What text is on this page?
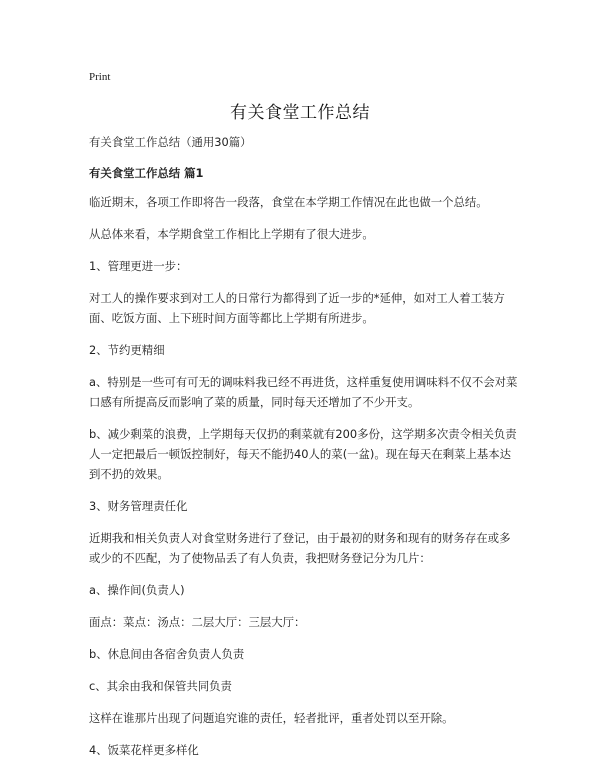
Print
有关食堂工作总结

有关食堂工作总结（通用30篇）

有关食堂工作总结 篇1

临近期末，各项工作即将告一段落，食堂在本学期工作情况在此也做一个总结。

从总体来看，本学期食堂工作相比上学期有了很大进步。

1、管理更进一步：

对工人的操作要求到对工人的日常行为都得到了近一步的*延伸，如对工人着工装方面、吃饭方面、上下班时间方面等都比上学期有所进步。

2、节约更精细

a、特别是一些可有可无的调味料我已经不再进货，这样重复使用调味料不仅不会对菜口感有所提高反而影响了菜的质量，同时每天还增加了不少开支。

b、减少剩菜的浪费，上学期每天仅扔的剩菜就有200多份，这学期多次责令相关负责人一定把最后一顿饭控制好，每天不能扔40人的菜(一盆)。现在每天在剩菜上基本达到不扔的效果。

3、财务管理责任化

近期我和相关负责人对食堂财务进行了登记，由于最初的财务和现有的财务存在或多或少的不匹配，为了使物品丢了有人负责，我把财务登记分为几片：

a、操作间(负责人)

面点：菜点：汤点：二层大厅：三层大厅：

b、休息间由各宿舍负责人负责

c、其余由我和保管共同负责

这样在谁那片出现了问题追究谁的责任，轻者批评，重者处罚以至开除。

4、饭菜花样更多样化
